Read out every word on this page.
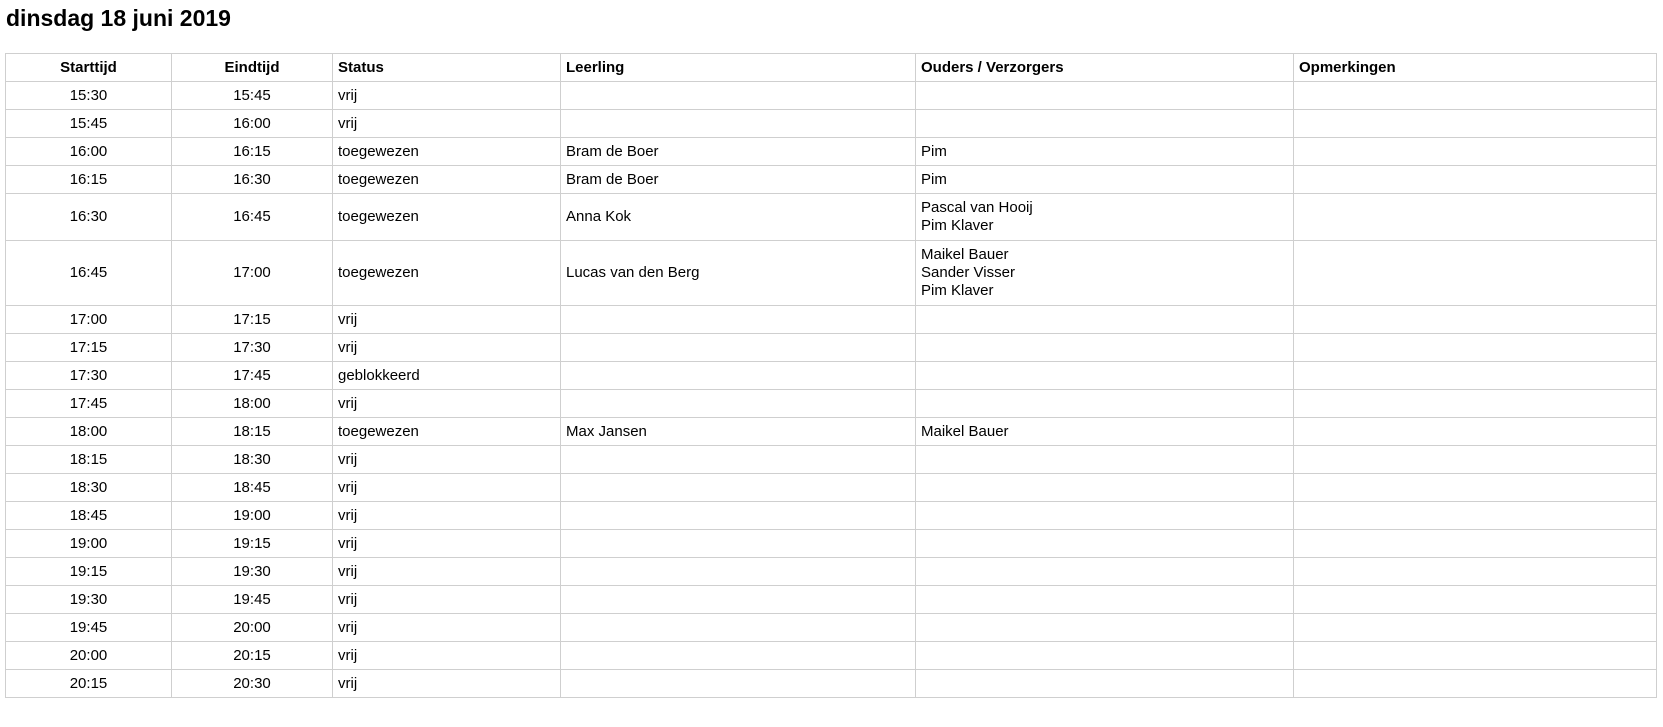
dinsdag 18 juni 2019
Starttijd	Eindtijd	Status	Leerling	Ouders / Verzorgers	Opmerkingen
15:30	15:45	vrij			
15:45	16:00	vrij			
16:00	16:15	toegewezen	Bram de Boer	Pim	

16:15	16:30	toegewezen	Bram de Boer	Pim	

16:30	16:45	toegewezen	Anna Kok	Pascal van Hooij
Pim Klaver	

16:45	17:00	toegewezen	Lucas van den Berg	Maikel Bauer
Sander Visser
Pim Klaver	

17:00	17:15	vrij			
17:15	17:30	vrij			
17:30	17:45	geblokkeerd			
17:45	18:00	vrij			
18:00	18:15	toegewezen	Max Jansen	Maikel Bauer	

18:15	18:30	vrij			
18:30	18:45	vrij			
18:45	19:00	vrij			
19:00	19:15	vrij			
19:15	19:30	vrij			
19:30	19:45	vrij			
19:45	20:00	vrij			
20:00	20:15	vrij			
20:15	20:30	vrij			
